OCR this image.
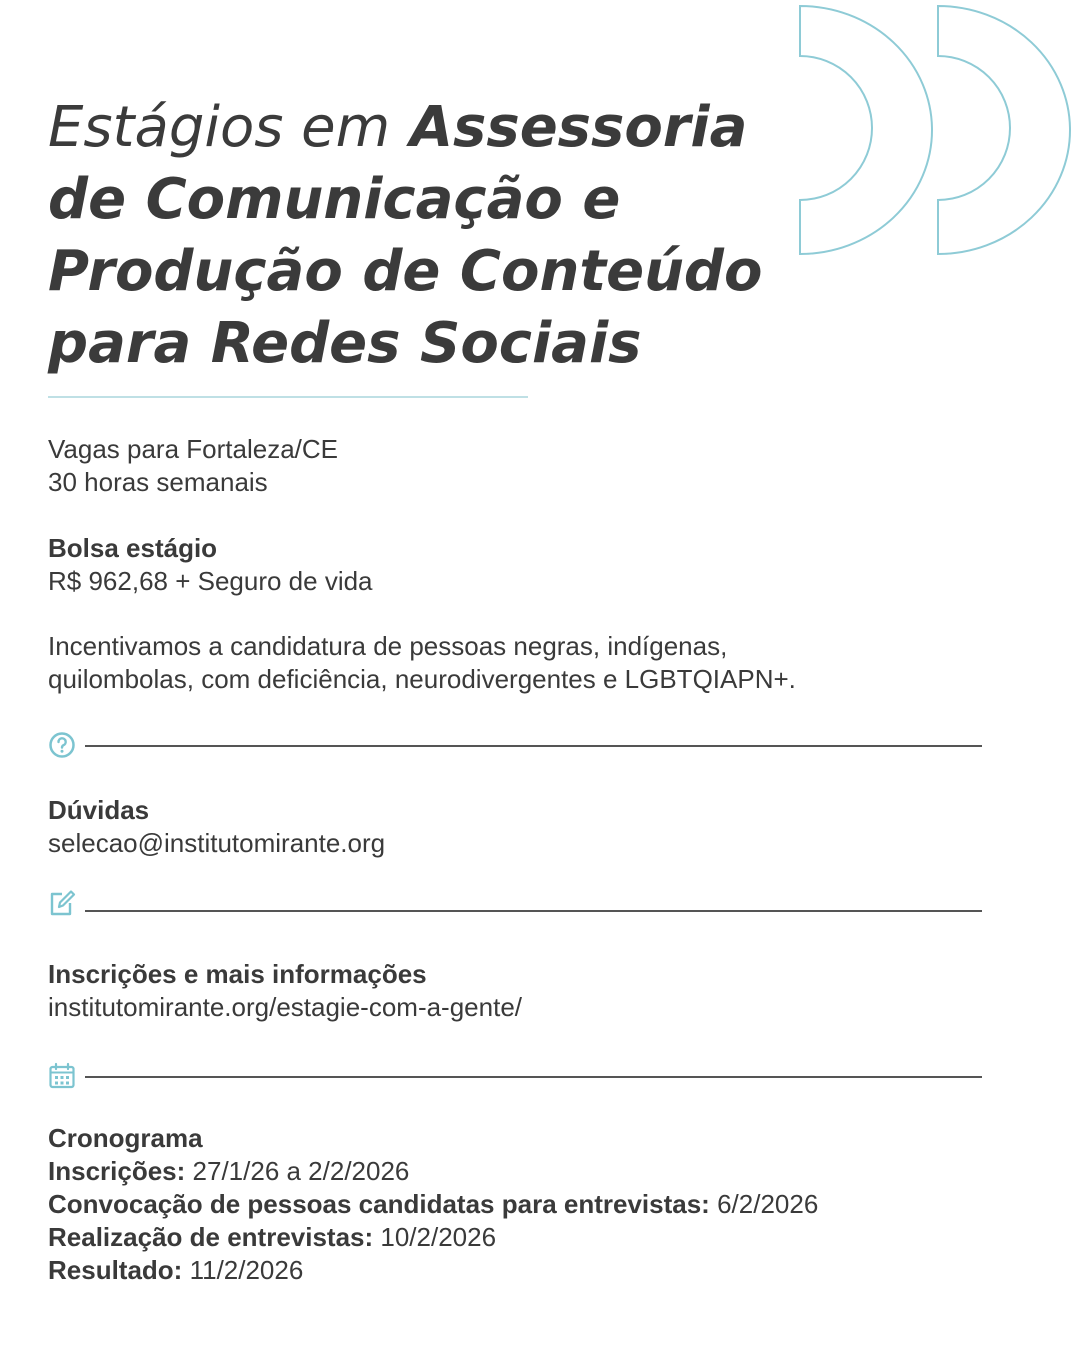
Estágios em Assessoria
de Comunicação e
Produção de Conteúdo
para Redes Sociais
Vagas para Fortaleza/CE
30 horas semanais
Bolsa estágio
R$ 962,68 + Seguro de vida
Incentivamos a candidatura de pessoas negras, indígenas,
quilombolas, com deficiência, neurodivergentes e LGBTQIAPN+.
Dúvidas
selecao@institutomirante.org
Inscrições e mais informações
institutomirante.org/estagie-com-a-gente/
Cronograma
Inscrições: 27/1/26 a 2/2/2026
Convocação de pessoas candidatas para entrevistas: 6/2/2026
Realização de entrevistas: 10/2/2026
Resultado: 11/2/2026
